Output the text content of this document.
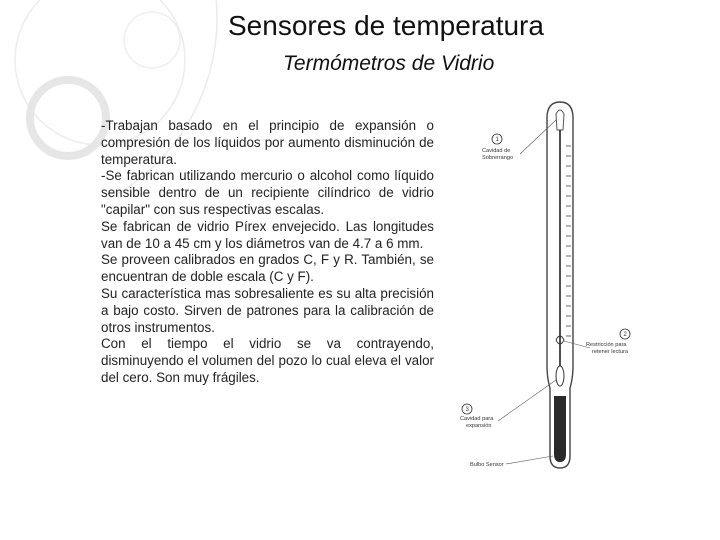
Sensores de temperatura
Termómetros de Vidrio

-Trabajan basado en el principio de expansión o compresión de los líquidos por aumento disminución de temperatura.

-Se fabrican utilizando mercurio o alcohol como líquido sensible dentro de un recipiente cilíndrico de vidrio "capilar" con sus respectivas escalas.

Se fabrican de vidrio Pírex envejecido. Las longitudes van de 10 a 45 cm y los diámetros van de 4.7 a 6 mm.

Se proveen calibrados en grados C, F y R. También, se encuentran de doble escala (C y F).

Su característica mas sobresaliente es su alta precisión a bajo costo. Sirven de patrones para la calibración de otros instrumentos.

Con el tiempo el vidrio se va contrayendo, disminuyendo el volumen del pozo lo cual eleva el valor del cero. Son muy frágiles.

1
Cavidad de
Sobrerrango
2
Restricción para
retener lectura
3
Cavidad para
expansión
Bulbo Sensor
